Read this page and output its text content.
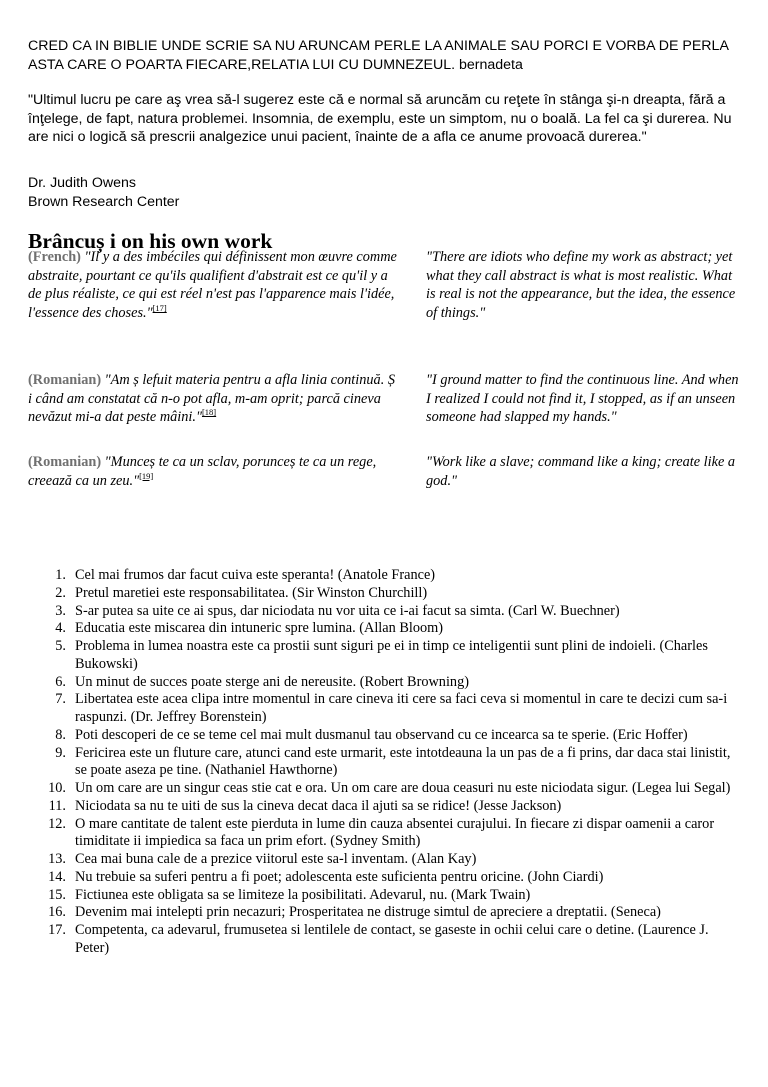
CRED CA IN BIBLIE UNDE SCRIE SA NU ARUNCAM PERLE LA ANIMALE SAU PORCI E VORBA DE PERLA ASTA CARE O POARTA FIECARE,RELATIA LUI CU DUMNEZEUL. bernadeta

"Ultimul lucru pe care aş vrea să-l sugerez este că e normal să aruncăm cu reţete în stânga şi-n dreapta, fără a înţelege, de fapt, natura problemei. Insomnia, de exemplu, este un simptom, nu o boală. La fel ca şi durerea. Nu are nici o logică să prescrii analgezice unui pacient, înainte de a afla ce anume provoacă durerea."

Dr. Judith Owens
Brown Research Center
Brâncuș i on his own work
(French) "Il y a des imbéciles qui définissent mon œuvre comme abstraite, pourtant ce qu'ils qualifient d'abstrait est ce qu'il y a de plus réaliste, ce qui est réel n'est pas l'apparence mais l'idée, l'essence des choses."[17]
"There are idiots who define my work as abstract; yet what they call abstract is what is most realistic. What is real is not the appearance, but the idea, the essence of things."
(Romanian) "Am ș lefuit materia pentru a afla linia continuă. Ș i când am constatat că n-o pot afla, m-am oprit; parcă cineva nevăzut mi-a dat peste mâini."[18]
"I ground matter to find the continuous line. And when I realized I could not find it, I stopped, as if an unseen someone had slapped my hands."
(Romanian) "Munceș te ca un sclav, porunceș te ca un rege, creează ca un zeu."[19]
"Work like a slave; command like a king; create like a god."
1. Cel mai frumos dar facut cuiva este speranta! (Anatole France)
2. Pretul maretiei este responsabilitatea. (Sir Winston Churchill)
3. S-ar putea sa uite ce ai spus, dar niciodata nu vor uita ce i-ai facut sa simta. (Carl W. Buechner)
4. Educatia este miscarea din intuneric spre lumina. (Allan Bloom)
5. Problema in lumea noastra este ca prostii sunt siguri pe ei in timp ce inteligentii sunt plini de indoieli. (Charles Bukowski)
6. Un minut de succes poate sterge ani de nereusite. (Robert Browning)
7. Libertatea este acea clipa intre momentul in care cineva iti cere sa faci ceva si momentul in care te decizi cum sa-i raspunzi. (Dr. Jeffrey Borenstein)
8. Poti descoperi de ce se teme cel mai mult dusmanul tau observand cu ce incearca sa te sperie. (Eric Hoffer)
9. Fericirea este un fluture care, atunci cand este urmarit, este intotdeauna la un pas de a fi prins, dar daca stai linistit, se poate aseza pe tine. (Nathaniel Hawthorne)
10. Un om care are un singur ceas stie cat e ora. Un om care are doua ceasuri nu este niciodata sigur. (Legea lui Segal)
11. Niciodata sa nu te uiti de sus la cineva decat daca il ajuti sa se ridice! (Jesse Jackson)
12. O mare cantitate de talent este pierduta in lume din cauza absentei curajului. In fiecare zi dispar oamenii a caror timiditate ii impiedica sa faca un prim efort. (Sydney Smith)
13. Cea mai buna cale de a prezice viitorul este sa-l inventam. (Alan Kay)
14. Nu trebuie sa suferi pentru a fi poet; adolescenta este suficienta pentru oricine. (John Ciardi)
15. Fictiunea este obligata sa se limiteze la posibilitati. Adevarul, nu. (Mark Twain)
16. Devenim mai intelepti prin necazuri; Prosperitatea ne distruge simtul de apreciere a dreptatii. (Seneca)
17. Competenta, ca adevarul, frumusetea si lentilele de contact, se gaseste in ochii celui care o detine. (Laurence J. Peter)
